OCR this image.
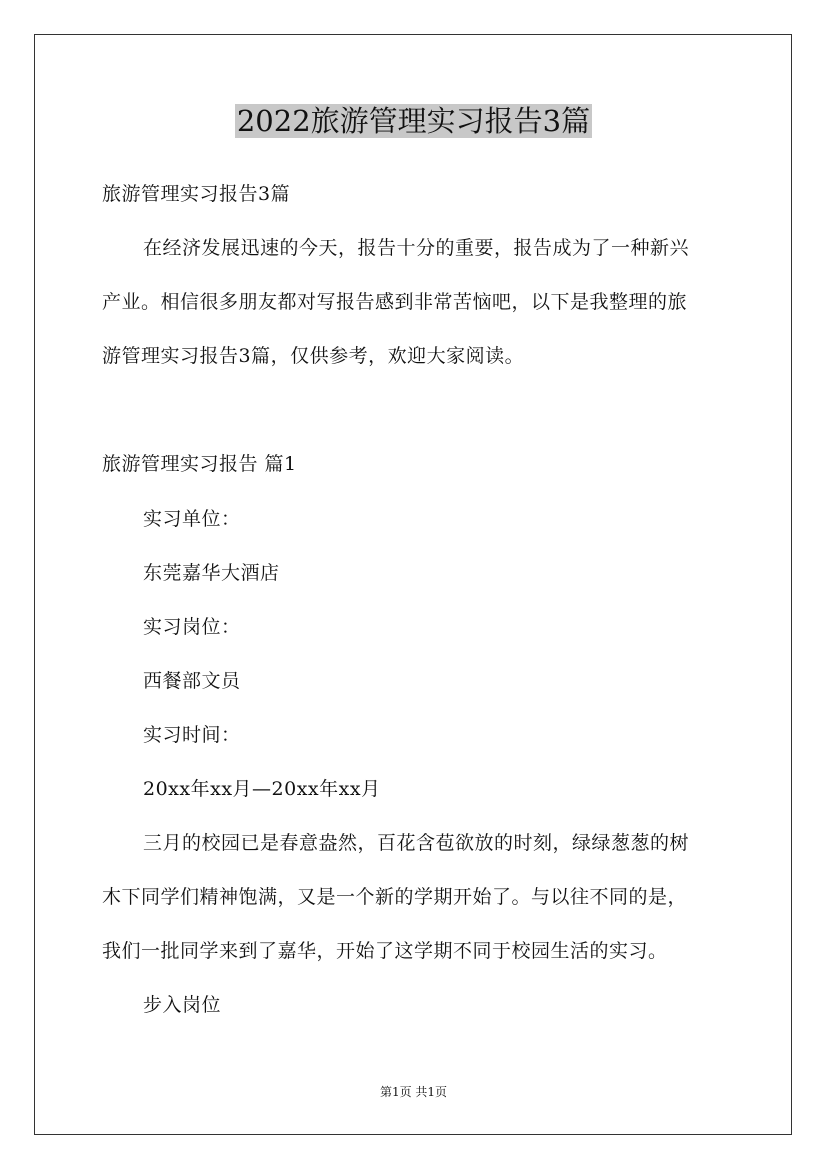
2022旅游管理实习报告3篇
旅游管理实习报告3篇
在经济发展迅速的今天，报告十分的重要，报告成为了一种新兴
产业。相信很多朋友都对写报告感到非常苦恼吧，以下是我整理的旅
游管理实习报告3篇，仅供参考，欢迎大家阅读。
旅游管理实习报告 篇1
实习单位：
东莞嘉华大酒店
实习岗位：
西餐部文员
实习时间：
20xx年xx月—20xx年xx月
三月的校园已是春意盎然，百花含苞欲放的时刻，绿绿葱葱的树
木下同学们精神饱满，又是一个新的学期开始了。与以往不同的是，
我们一批同学来到了嘉华，开始了这学期不同于校园生活的实习。
步入岗位
第1页 共1页
